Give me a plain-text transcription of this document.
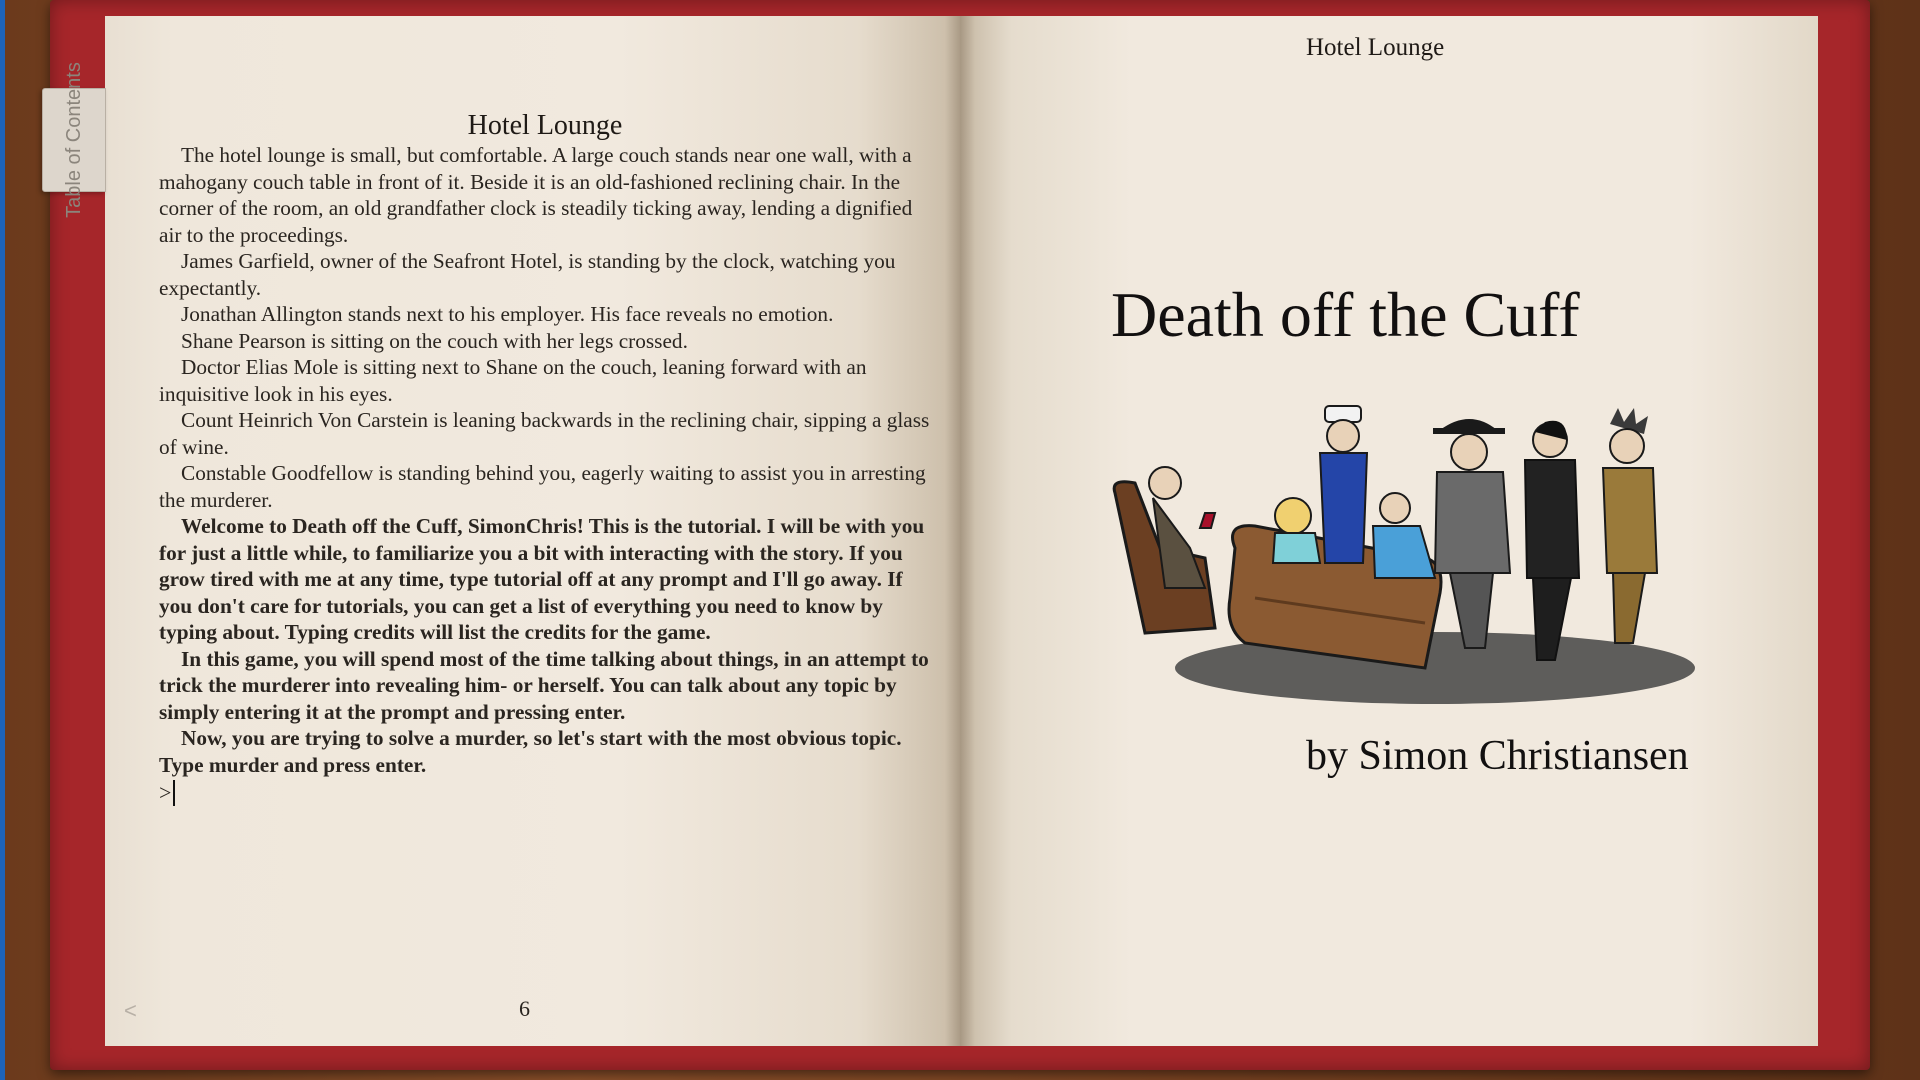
Table of Contents	Hotel Lounge

The hotel lounge is small, but comfortable. A large couch stands near one wall, with a mahogany couch table in front of it. Beside it is an old-fashioned reclining chair. In the corner of the room, an old grandfather clock is steadily ticking away, lending a dignified air to the proceedings.

James Garfield, owner of the Seafront Hotel, is standing by the clock, watching you expectantly.

Jonathan Allington stands next to his employer. His face reveals no emotion.

Shane Pearson is sitting on the couch with her legs crossed.

Doctor Elias Mole is sitting next to Shane on the couch, leaning forward with an inquisitive look in his eyes.

Count Heinrich Von Carstein is leaning backwards in the reclining chair, sipping a glass of wine.

Constable Goodfellow is standing behind you, eagerly waiting to assist you in arresting the murderer.

Welcome to Death off the Cuff, SimonChris! This is the tutorial. I will be with you for just a little while, to familiarize you a bit with interacting with the story. If you grow tired with me at any time, type tutorial off at any prompt and I'll go away. If you don't care for tutorials, you can get a list of everything you need to know by typing about. Typing credits will list the credits for the game.

In this game, you will spend most of the time talking about things, in an attempt to trick the murderer into revealing him- or herself. You can talk about any topic by simply entering it at the prompt and pressing enter.

Now, you are trying to solve a murder, so let's start with the most obvious topic. Type murder and press enter.

>
<	6
Hotel Lounge
Death off the Cuff
by Simon Christiansen
